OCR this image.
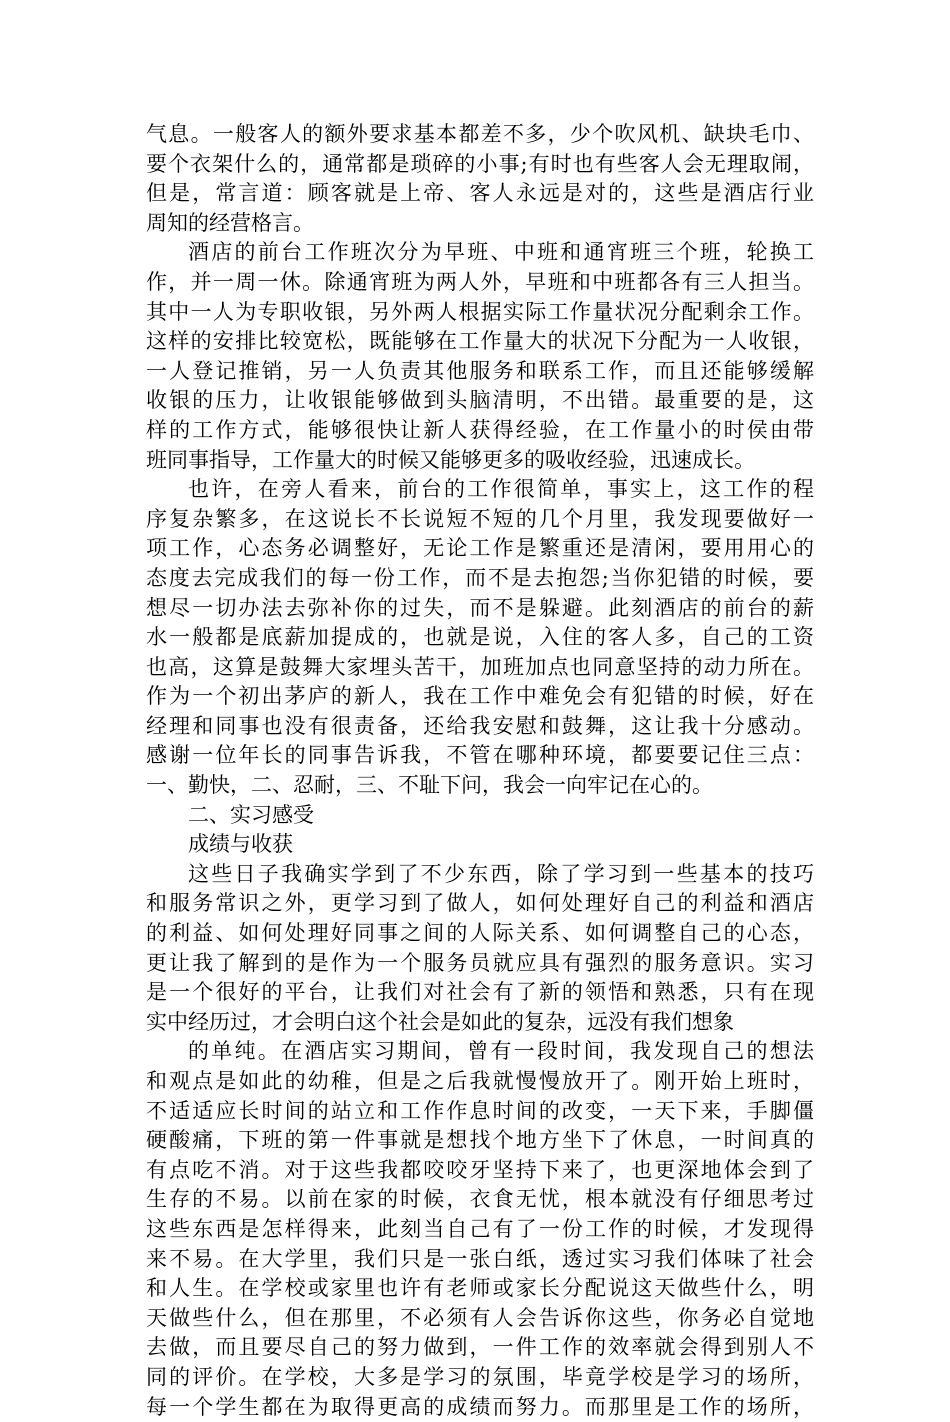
气息。一般客人的额外要求基本都差不多，少个吹风机、缺块毛巾、
要个衣架什么的，通常都是琐碎的小事;有时也有些客人会无理取闹，
但是，常言道：顾客就是上帝、客人永远是对的，这些是酒店行业
周知的经营格言。
酒店的前台工作班次分为早班、中班和通宵班三个班，轮换工
作，并一周一休。除通宵班为两人外，早班和中班都各有三人担当。
其中一人为专职收银，另外两人根据实际工作量状况分配剩余工作。
这样的安排比较宽松，既能够在工作量大的状况下分配为一人收银，
一人登记推销，另一人负责其他服务和联系工作，而且还能够缓解
收银的压力，让收银能够做到头脑清明，不出错。最重要的是，这
样的工作方式，能够很快让新人获得经验，在工作量小的时侯由带
班同事指导，工作量大的时候又能够更多的吸收经验，迅速成长。
也许，在旁人看来，前台的工作很简单，事实上，这工作的程
序复杂繁多，在这说长不长说短不短的几个月里，我发现要做好一
项工作，心态务必调整好，无论工作是繁重还是清闲，要用用心的
态度去完成我们的每一份工作，而不是去抱怨;当你犯错的时候，要
想尽一切办法去弥补你的过失，而不是躲避。此刻酒店的前台的薪
水一般都是底薪加提成的，也就是说，入住的客人多，自己的工资
也高，这算是鼓舞大家埋头苦干，加班加点也同意坚持的动力所在。
作为一个初出茅庐的新人，我在工作中难免会有犯错的时候，好在
经理和同事也没有很责备，还给我安慰和鼓舞，这让我十分感动。
感谢一位年长的同事告诉我，不管在哪种环境，都要要记住三点：
一、勤快，二、忍耐，三、不耻下问，我会一向牢记在心的。
二、实习感受
成绩与收获
这些日子我确实学到了不少东西，除了学习到一些基本的技巧
和服务常识之外，更学习到了做人，如何处理好自己的利益和酒店
的利益、如何处理好同事之间的人际关系、如何调整自己的心态，
更让我了解到的是作为一个服务员就应具有强烈的服务意识。实习
是一个很好的平台，让我们对社会有了新的领悟和熟悉，只有在现
实中经历过，才会明白这个社会是如此的复杂，远没有我们想象
的单纯。在酒店实习期间，曾有一段时间，我发现自己的想法
和观点是如此的幼稚，但是之后我就慢慢放开了。刚开始上班时，
不适适应长时间的站立和工作作息时间的改变，一天下来，手脚僵
硬酸痛，下班的第一件事就是想找个地方坐下了休息，一时间真的
有点吃不消。对于这些我都咬咬牙坚持下来了，也更深地体会到了
生存的不易。以前在家的时候，衣食无忧，根本就没有仔细思考过
这些东西是怎样得来，此刻当自己有了一份工作的时候，才发现得
来不易。在大学里，我们只是一张白纸，透过实习我们体味了社会
和人生。在学校或家里也许有老师或家长分配说这天做些什么，明
天做些什么，但在那里，不必须有人会告诉你这些，你务必自觉地
去做，而且要尽自己的努力做到，一件工作的效率就会得到别人不
同的评价。在学校，大多是学习的氛围，毕竟学校是学习的场所，
每一个学生都在为取得更高的成绩而努力。而那里是工作的场所，
